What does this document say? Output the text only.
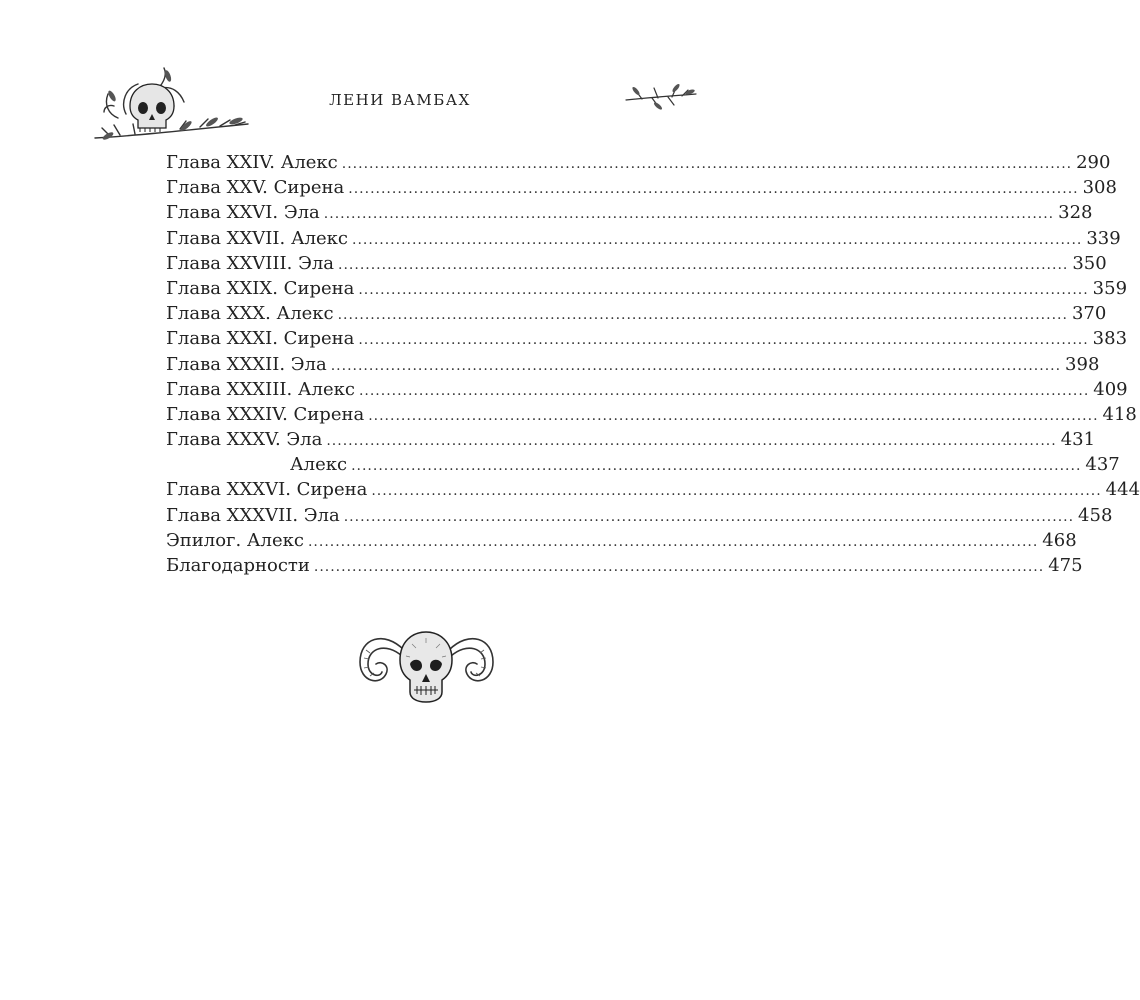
ЛЕНИ ВАМБАХ
Глава XXIV. Алекс ...................................................................................................................................... 290
Глава XXV. Сирена ...................................................................................................................................... 308
Глава XXVI. Эла ...................................................................................................................................... 328
Глава XXVII. Алекс ...................................................................................................................................... 339
Глава XXVIII. Эла ...................................................................................................................................... 350
Глава XXIX. Сирена ...................................................................................................................................... 359
Глава XXX. Алекс ...................................................................................................................................... 370
Глава XXXI. Сирена ...................................................................................................................................... 383
Глава XXXII. Эла ...................................................................................................................................... 398
Глава XXXIII. Алекс ...................................................................................................................................... 409
Глава XXXIV. Сирена ...................................................................................................................................... 418
Глава XXXV. Эла ...................................................................................................................................... 431
Алекс ...................................................................................................................................... 437
Глава XXXVI. Сирена ...................................................................................................................................... 444
Глава XXXVII. Эла ...................................................................................................................................... 458
Эпилог. Алекс ...................................................................................................................................... 468
Благодарности ...................................................................................................................................... 475
